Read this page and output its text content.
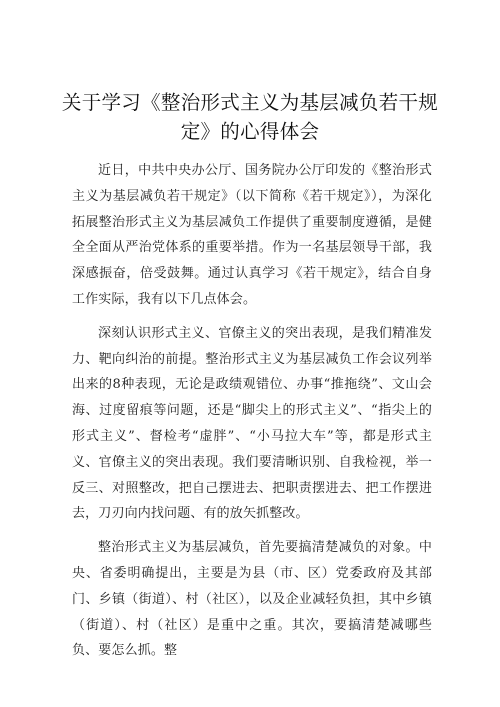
关于学习《整治形式主义为基层减负若干规定》的心得体会

近日，中共中央办公厅、国务院办公厅印发的《整治形式主义为基层减负若干规定》（以下简称《若干规定》），为深化拓展整治形式主义为基层减负工作提供了重要制度遵循，是健全全面从严治党体系的重要举措。作为一名基层领导干部，我深感振奋，倍受鼓舞。通过认真学习《若干规定》，结合自身工作实际，我有以下几点体会。

深刻认识形式主义、官僚主义的突出表现，是我们精准发力、靶向纠治的前提。整治形式主义为基层减负工作会议列举出来的8种表现，无论是政绩观错位、办事“推拖绕”、文山会海、过度留痕等问题，还是“脚尖上的形式主义”、“指尖上的形式主义”、督检考“虚胖”、“小马拉大车”等，都是形式主义、官僚主义的突出表现。我们要清晰识别、自我检视，举一反三、对照整改，把自己摆进去、把职责摆进去、把工作摆进去，刀刃向内找问题、有的放矢抓整改。

整治形式主义为基层减负，首先要搞清楚减负的对象。中央、省委明确提出，主要是为县（市、区）党委政府及其部门、乡镇（街道）、村（社区），以及企业减轻负担，其中乡镇（街道）、村（社区）是重中之重。其次，要搞清楚减哪些负、要怎么抓。整
